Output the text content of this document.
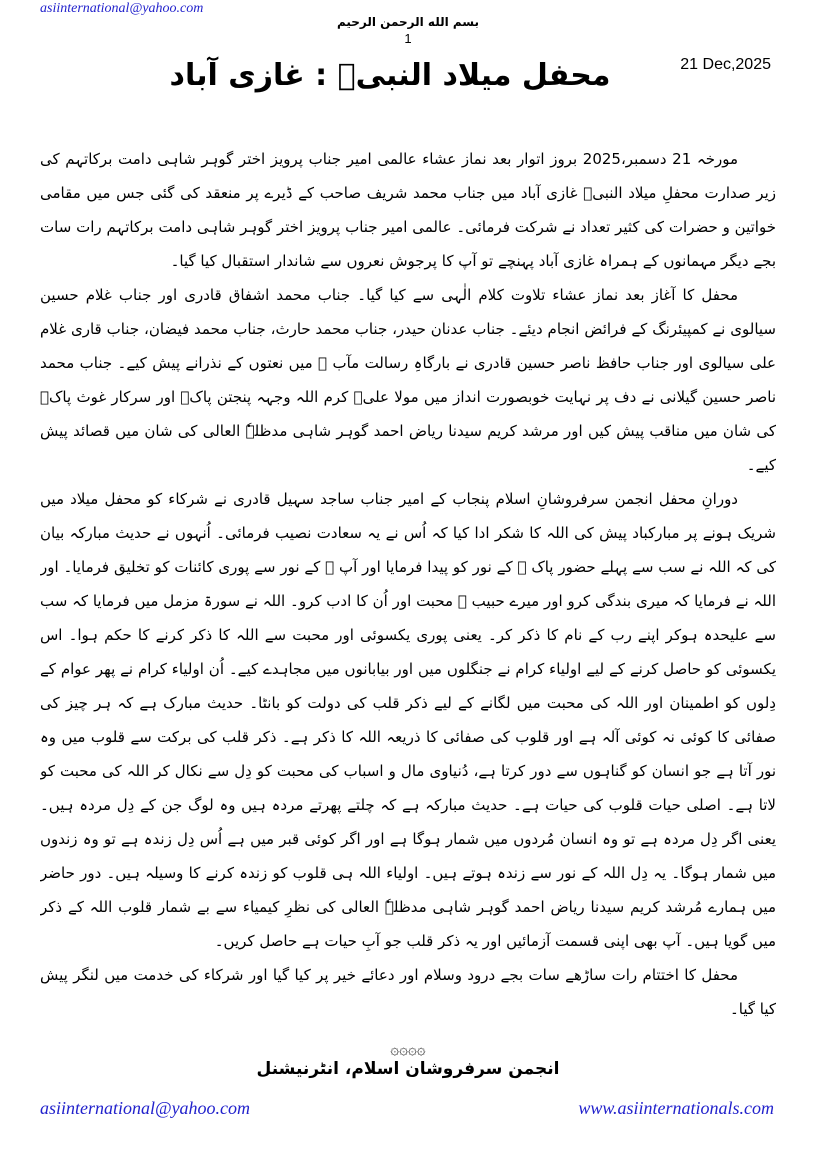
asiinternational@yahoo.com
بسم الله الرحمن الرحيم
1
21 Dec,2025
محفل میلاد النبیؐ : غازی آباد

مورخہ 21 دسمبر،2025 بروز اتوار بعد نماز عشاء عالمی امیر جناب پرویز اختر گوہر شاہی دامت برکاتہم کی زیر صدارت محفلِ میلاد النبیؐ غازی آباد میں جناب محمد شریف صاحب کے ڈیرے پر منعقد کی گئی جس میں مقامی خواتین و حضرات کی کثیر تعداد نے شرکت فرمائی۔ عالمی امیر جناب پرویز اختر گوہر شاہی دامت برکاتہم رات سات بجے دیگر مہمانوں کے ہمراہ غازی آباد پہنچے تو آپ کا پرجوش نعروں سے شاندار استقبال کیا گیا۔

محفل کا آغاز بعد نماز عشاء تلاوت کلام الٰہی سے کیا گیا۔ جناب محمد اشفاق قادری اور جناب غلام حسین سیالوی نے کمپیئرنگ کے فرائض انجام دیئے۔ جناب عدنان حیدر، جناب محمد حارث، جناب محمد فیضان، جناب قاری غلام علی سیالوی اور جناب حافظ ناصر حسین قادری نے بارگاہِ رسالت مآب ﷺ میں نعتوں کے نذرانے پیش کیے۔ جناب محمد ناصر حسین گیلانی نے دف پر نہایت خوبصورت انداز میں مولا علیؑ کرم اللہ وجہہ پنجتن پاکؑ اور سرکار غوث پاکؒ کی شان میں مناقب پیش کیں اور مرشد کریم سیدنا ریاض احمد گوہر شاہی مدظلہٗ العالی کی شان میں قصائد پیش کیے۔

دورانِ محفل انجمن سرفروشانِ اسلام پنجاب کے امیر جناب ساجد سہیل قادری نے شرکاء کو محفل میلاد میں شریک ہونے پر مبارکباد پیش کی اللہ کا شکر ادا کیا کہ اُس نے یہ سعادت نصیب فرمائی۔ اُنہوں نے حدیث مبارکہ بیان کی کہ اللہ نے سب سے پہلے حضور پاک ﷺ کے نور کو پیدا فرمایا اور آپ ﷺ کے نور سے پوری کائنات کو تخلیق فرمایا۔ اور اللہ نے فرمایا کہ میری بندگی کرو اور میرے حبیب ﷺ محبت اور اُن کا ادب کرو۔ اللہ نے سورۃ مزمل میں فرمایا کہ سب سے علیحدہ ہوکر اپنے رب کے نام کا ذکر کر۔ یعنی پوری یکسوئی اور محبت سے اللہ کا ذکر کرنے کا حکم ہوا۔ اس یکسوئی کو حاصل کرنے کے لیے اولیاء کرام نے جنگلوں میں اور بیابانوں میں مجاہدے کیے۔ اُن اولیاء کرام نے پھر عوام کے دِلوں کو اطمینان اور اللہ کی محبت میں لگانے کے لیے ذکر قلب کی دولت کو بانٹا۔ حدیث مبارک ہے کہ ہر چیز کی صفائی کا کوئی نہ کوئی آلہ ہے اور قلوب کی صفائی کا ذریعہ اللہ کا ذکر ہے۔ ذکر قلب کی برکت سے قلوب میں وہ نور آتا ہے جو انسان کو گناہوں سے دور کرتا ہے، دُنیاوی مال و اسباب کی محبت کو دِل سے نکال کر اللہ کی محبت کو لاتا ہے۔ اصلی حیات قلوب کی حیات ہے۔ حدیث مبارکہ ہے کہ چلتے پھرتے مردہ ہیں وہ لوگ جن کے دِل مردہ ہیں۔ یعنی اگر دِل مردہ ہے تو وہ انسان مُردوں میں شمار ہوگا ہے اور اگر کوئی قبر میں ہے اُس دِل زندہ ہے تو وہ زندوں میں شمار ہوگا۔ یہ دِل اللہ کے نور سے زندہ ہوتے ہیں۔ اولیاء اللہ ہی قلوب کو زندہ کرنے کا وسیلہ ہیں۔ دور حاضر میں ہمارے مُرشد کریم سیدنا ریاض احمد گوہر شاہی مدظلہٗ العالی کی نظرِ کیمیاء سے بے شمار قلوب اللہ کے ذکر میں گویا ہیں۔ آپ بھی اپنی قسمت آزمائیں اور یہ ذکر قلب جو آبِ حیات ہے حاصل کریں۔

محفل کا اختتام رات ساڑھے سات بجے درود وسلام اور دعائے خیر پر کیا گیا اور شرکاء کی خدمت میں لنگر پیش کیا گیا۔

۞۞۞۞
انجمن سرفروشان اسلام، انٹرنیشنل
asiinternational@yahoo.com	www.asiinternationals.com
